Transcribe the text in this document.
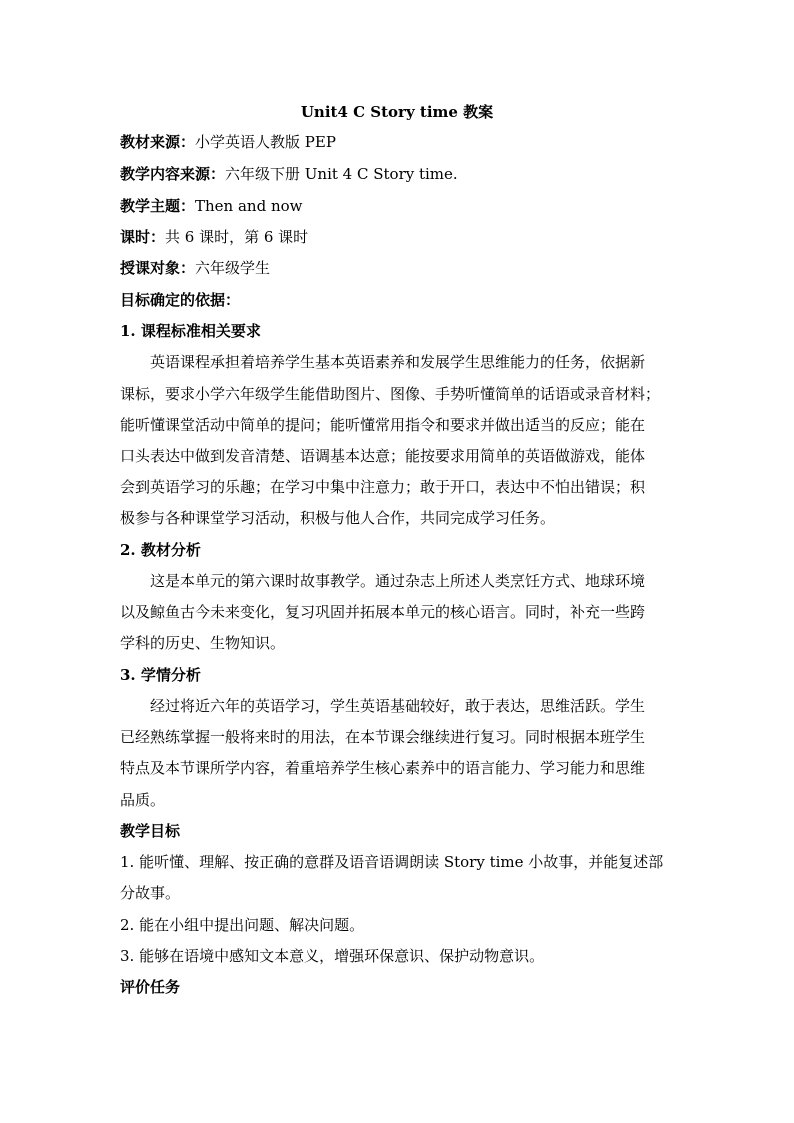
Unit4 C Story time 教案
教材来源：小学英语人教版 PEP
教学内容来源：六年级下册 Unit 4 C Story time.
教学主题：Then and now
课时：共 6 课时，第 6 课时
授课对象：六年级学生
目标确定的依据：
1. 课程标准相关要求
英语课程承担着培养学生基本英语素养和发展学生思维能力的任务，依据新
课标，要求小学六年级学生能借助图片、图像、手势听懂简单的话语或录音材料；
能听懂课堂活动中简单的提问；能听懂常用指令和要求并做出适当的反应；能在
口头表达中做到发音清楚、语调基本达意；能按要求用简单的英语做游戏，能体
会到英语学习的乐趣；在学习中集中注意力；敢于开口，表达中不怕出错误；积
极参与各种课堂学习活动，积极与他人合作，共同完成学习任务。
2. 教材分析
这是本单元的第六课时故事教学。通过杂志上所述人类烹饪方式、地球环境
以及鲸鱼古今未来变化，复习巩固并拓展本单元的核心语言。同时，补充一些跨
学科的历史、生物知识。
3. 学情分析
经过将近六年的英语学习，学生英语基础较好，敢于表达，思维活跃。学生
已经熟练掌握一般将来时的用法，在本节课会继续进行复习。同时根据本班学生
特点及本节课所学内容，着重培养学生核心素养中的语言能力、学习能力和思维
品质。
教学目标
1. 能听懂、理解、按正确的意群及语音语调朗读 Story time 小故事，并能复述部
分故事。
2. 能在小组中提出问题、解决问题。
3. 能够在语境中感知文本意义，增强环保意识、保护动物意识。
评价任务
